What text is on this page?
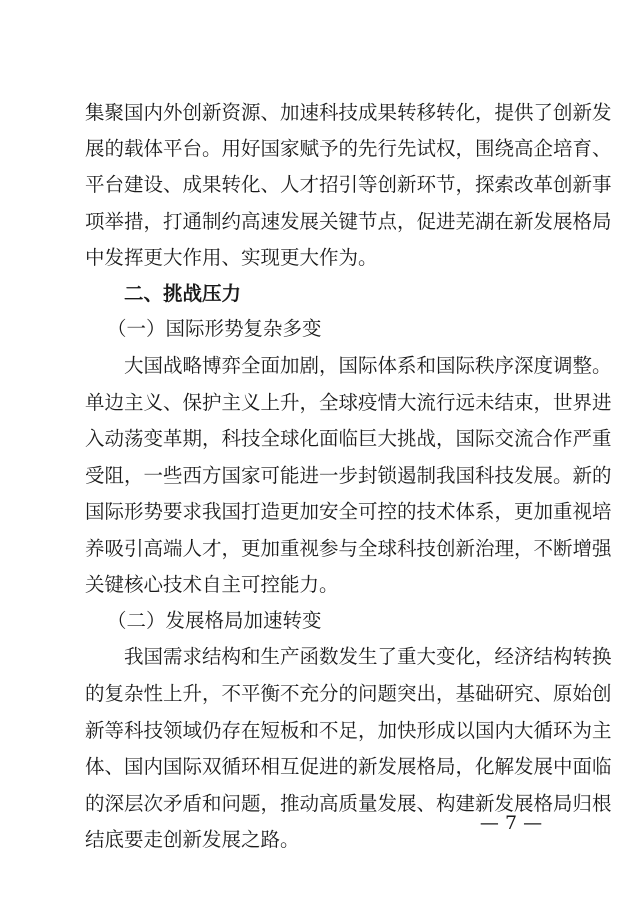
集聚国内外创新资源、加速科技成果转移转化，提供了创新发
展的载体平台。用好国家赋予的先行先试权，围绕高企培育、
平台建设、成果转化、人才招引等创新环节，探索改革创新事
项举措，打通制约高速发展关键节点，促进芜湖在新发展格局
中发挥更大作用、实现更大作为。
二、挑战压力
（一）国际形势复杂多变
大国战略博弈全面加剧，国际体系和国际秩序深度调整。
单边主义、保护主义上升，全球疫情大流行远未结束，世界进
入动荡变革期，科技全球化面临巨大挑战，国际交流合作严重
受阻，一些西方国家可能进一步封锁遏制我国科技发展。新的
国际形势要求我国打造更加安全可控的技术体系，更加重视培
养吸引高端人才，更加重视参与全球科技创新治理，不断增强
关键核心技术自主可控能力。
（二）发展格局加速转变
我国需求结构和生产函数发生了重大变化，经济结构转换
的复杂性上升，不平衡不充分的问题突出，基础研究、原始创
新等科技领域仍存在短板和不足，加快形成以国内大循环为主
体、国内国际双循环相互促进的新发展格局，化解发展中面临
的深层次矛盾和问题，推动高质量发展、构建新发展格局归根
结底要走创新发展之路。
— 7 —
